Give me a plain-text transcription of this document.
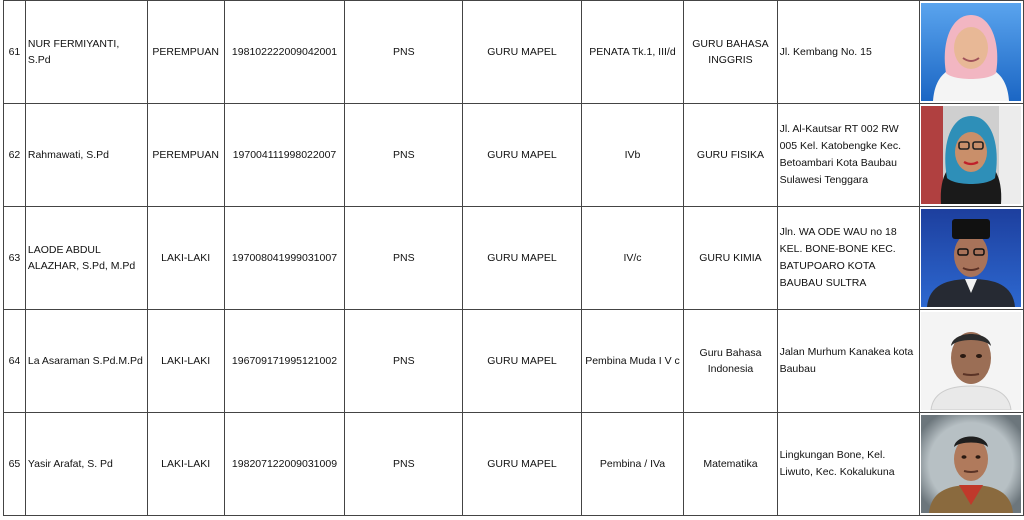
61	NUR FERMIYANTI, S.Pd	PEREMPUAN	198102222009042001	PNS	GURU MAPEL	PENATA Tk.1, III/d	GURU BAHASA INGGRIS	Jl. Kembang No. 15	

62	Rahmawati, S.Pd	PEREMPUAN	197004111998022007	PNS	GURU MAPEL	IVb	GURU FISIKA	Jl. Al-Kautsar RT 002 RW 005 Kel. Katobengke Kec. Betoambari Kota Baubau Sulawesi Tenggara	

63	LAODE ABDUL ALAZHAR, S.Pd, M.Pd	LAKI-LAKI	197008041999031007	PNS	GURU MAPEL	IV/c	GURU KIMIA	Jln. WA ODE WAU no 18 KEL. BONE-BONE KEC. BATUPOARO KOTA BAUBAU SULTRA	

64	La Asaraman S.Pd.M.Pd	LAKI-LAKI	196709171995121002	PNS	GURU MAPEL	Pembina Muda I V c	Guru Bahasa Indonesia	Jalan Murhum Kanakea kota Baubau	

65	Yasir Arafat, S. Pd	LAKI-LAKI	198207122009031009	PNS	GURU MAPEL	Pembina / IVa	Matematika	Lingkungan Bone, Kel. Liwuto, Kec. Kokalukuna	
